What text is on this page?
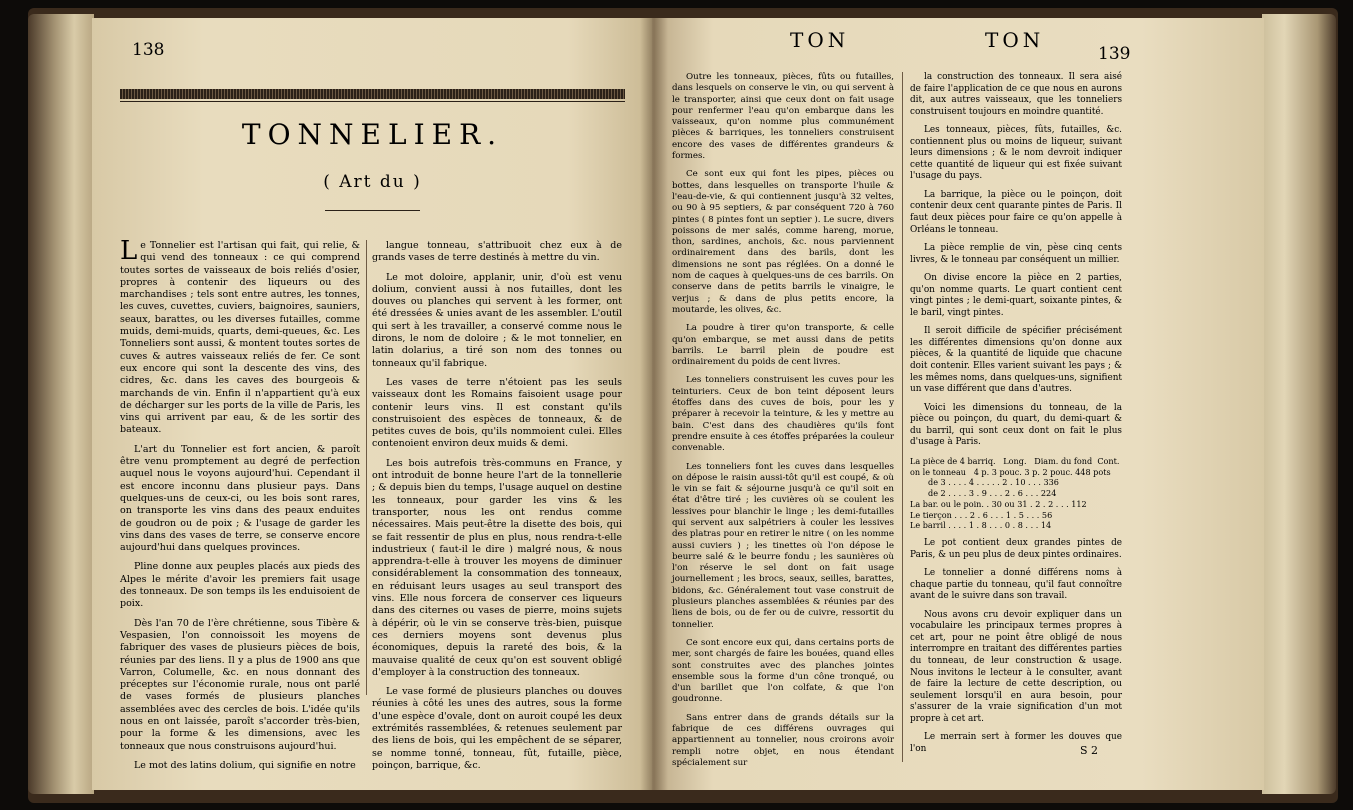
138
TONNELIER.
( Art du )

Le Tonnelier est l'artisan qui fait, qui relie, & qui vend des tonneaux : ce qui comprend toutes sortes de vaisseaux de bois reliés d'osier, propres à contenir des liqueurs ou des marchandises ; tels sont entre autres, les tonnes, les cuves, cuvettes, cuviers, baignoires, sauniers, seaux, barattes, ou les diverses futailles, comme muids, demi-muids, quarts, demi-queues, &c. Les Tonneliers sont aussi, & montent toutes sortes de cuves & autres vaisseaux reliés de fer. Ce sont eux encore qui sont la descente des vins, des cidres, &c. dans les caves des bourgeois & marchands de vin. Enfin il n'appartient qu'à eux de décharger sur les ports de la ville de Paris, les vins qui arrivent par eau, & de les sortir des bateaux.

L'art du Tonnelier est fort ancien, & paroît être venu promptement au degré de perfection auquel nous le voyons aujourd'hui. Cependant il est encore inconnu dans plusieur pays. Dans quelques-uns de ceux-ci, ou les bois sont rares, on transporte les vins dans des peaux enduites de goudron ou de poix ; & l'usage de garder les vins dans des vases de terre, se conserve encore aujourd'hui dans quelques provinces.

Pline donne aux peuples placés aux pieds des Alpes le mérite d'avoir les premiers fait usage des tonneaux. De son temps ils les enduisoient de poix.

Dès l'an 70 de l'ère chrétienne, sous Tibère & Vespasien, l'on connoissoit les moyens de fabriquer des vases de plusieurs pièces de bois, réunies par des liens. Il y a plus de 1900 ans que Varron, Columelle, &c. en nous donnant des préceptes sur l'économie rurale, nous ont parlé de vases formés de plusieurs planches assemblées avec des cercles de bois. L'idée qu'ils nous en ont laissée, paroît s'accorder très-bien, pour la forme & les dimensions, avec les tonneaux que nous construisons aujourd'hui.

Le mot des latins dolium, qui signifie en notre

langue tonneau, s'attribuoit chez eux à de grands vases de terre destinés à mettre du vin.

Le mot doloire, applanir, unir, d'où est venu dolium, convient aussi à nos futailles, dont les douves ou planches qui servent à les former, ont été dressées & unies avant de les assembler. L'outil qui sert à les travailler, a conservé comme nous le dirons, le nom de doloire ; & le mot tonnelier, en latin dolarius, a tiré son nom des tonnes ou tonneaux qu'il fabrique.

Les vases de terre n'étoient pas les seuls vaisseaux dont les Romains faisoient usage pour contenir leurs vins. Il est constant qu'ils construisoient des espèces de tonneaux, & de petites cuves de bois, qu'ils nommoient culei. Elles contenoient environ deux muids & demi.

Les bois autrefois très-communs en France, y ont introduit de bonne heure l'art de la tonnellerie ; & depuis bien du temps, l'usage auquel on destine les tonneaux, pour garder les vins & les transporter, nous les ont rendus comme nécessaires. Mais peut-être la disette des bois, qui se fait ressentir de plus en plus, nous rendra-t-elle industrieux ( faut-il le dire ) malgré nous, & nous apprendra-t-elle à trouver les moyens de diminuer considérablement la consommation des tonneaux, en réduisant leurs usages au seul transport des vins. Elle nous forcera de conserver ces liqueurs dans des citernes ou vases de pierre, moins sujets à dépérir, où le vin se conserve très-bien, puisque ces derniers moyens sont devenus plus économiques, depuis la rareté des bois, & la mauvaise qualité de ceux qu'on est souvent obligé d'employer à la construction des tonneaux.

Le vase formé de plusieurs planches ou douves réunies à côté les unes des autres, sous la forme d'une espèce d'ovale, dont on auroit coupé les deux extrémités rassemblées, & retenues seulement par des liens de bois, qui les empêchent de se séparer, se nomme tonné, tonneau, fût, futaille, pièce, poinçon, barrique, &c.

TON	TON
139

Outre les tonneaux, pièces, fûts ou futailles, dans lesquels on conserve le vin, ou qui servent à le transporter, ainsi que ceux dont on fait usage pour renfermer l'eau qu'on embarque dans les vaisseaux, qu'on nomme plus communément pièces & barriques, les tonneliers construisent encore des vases de différentes grandeurs & formes.

Ce sont eux qui font les pipes, pièces ou bottes, dans lesquelles on transporte l'huile & l'eau-de-vie, & qui contiennent jusqu'à 32 veltes, ou 90 à 95 septiers, & par conséquent 720 à 760 pintes ( 8 pintes font un septier ). Le sucre, divers poissons de mer salés, comme hareng, morue, thon, sardines, anchois, &c. nous parviennent ordinairement dans des barils, dont les dimensions ne sont pas réglées. On a donné le nom de caques à quelques-uns de ces barrils. On conserve dans de petits barrils le vinaigre, le verjus ; & dans de plus petits encore, la moutarde, les olives, &c.

La poudre à tirer qu'on transporte, & celle qu'on embarque, se met aussi dans de petits barrils. Le barril plein de poudre est ordinairement du poids de cent livres.

Les tonneliers construisent les cuves pour les teinturiers. Ceux de bon teint déposent leurs étoffes dans des cuves de bois, pour les y préparer à recevoir la teinture, & les y mettre au bain. C'est dans des chaudières qu'ils font prendre ensuite à ces étoffes préparées la couleur convenable.

Les tonneliers font les cuves dans lesquelles on dépose le raisin aussi-tôt qu'il est coupé, & où le vin se fait & séjourne jusqu'à ce qu'il soit en état d'être tiré ; les cuvières où se coulent les lessives pour blanchir le linge ; les demi-futailles qui servent aux salpétriers à couler les lessives des platras pour en retirer le nitre ( on les nomme aussi cuviers ) ; les tinettes où l'on dépose le beurre salé & le beurre fondu ; les saunières où l'on réserve le sel dont on fait usage journellement ; les brocs, seaux, seilles, barattes, bidons, &c. Généralement tout vase construit de plusieurs planches assemblées & réunies par des liens de bois, ou de fer ou de cuivre, ressortit du tonnelier.

Ce sont encore eux qui, dans certains ports de mer, sont chargés de faire les bouées, quand elles sont construites avec des planches jointes ensemble sous la forme d'un cône tronqué, ou d'un barillet que l'on colfate, & que l'on goudronne.

Sans entrer dans de grands détails sur la fabrique de ces différens ouvrages qui appartiennent au tonnelier, nous croirons avoir rempli notre objet, en nous étendant spécialement sur

la construction des tonneaux. Il sera aisé de faire l'application de ce que nous en aurons dit, aux autres vaisseaux, que les tonneliers construisent toujours en moindre quantité.

Les tonneaux, pièces, fûts, futailles, &c. contiennent plus ou moins de liqueur, suivant leurs dimensions ; & le nom devroit indiquer cette quantité de liqueur qui est fixée suivant l'usage du pays.

La barrique, la pièce ou le poinçon, doit contenir deux cent quarante pintes de Paris. Il faut deux pièces pour faire ce qu'on appelle à Orléans le tonneau.

La pièce remplie de vin, pèse cinq cents livres, & le tonneau par conséquent un millier.

On divise encore la pièce en 2 parties, qu'on nomme quarts. Le quart contient cent vingt pintes ; le demi-quart, soixante pintes, & le baril, vingt pintes.

Il seroit difficile de spécifier précisément les différentes dimensions qu'on donne aux pièces, & la quantité de liquide que chacune doit contenir. Elles varient suivant les pays ; & les mêmes noms, dans quelques-uns, signifient un vase différent que dans d'autres.

Voici les dimensions du tonneau, de la pièce ou poinçon, du quart, du demi-quart & du barril, qui sont ceux dont on fait le plus d'usage à Paris.

La pièce de 4 barriq.   Long.   Diam. du fond  Cont.
on le tonneau   4 p. 3 pouc. 3 p. 2 pouc. 448 pots
de 3 . . . . 4 . . . . . 2 . 10 . . . 336
de 2 . . . . 3 . 9 . . . 2 . 6 . . . 224
La bar. ou le poin. . 30 ou 31 . 2 . 2 . . . 112
Le tierçon . . . 2 . 6 . . . 1 . 5 . . . 56
Le barril . . . . 1 . 8 . . . 0 . 8 . . . 14

Le pot contient deux grandes pintes de Paris, & un peu plus de deux pintes ordinaires.

Le tonnelier a donné différens noms à chaque partie du tonneau, qu'il faut connoître avant de le suivre dans son travail.

Nous avons cru devoir expliquer dans un vocabulaire les principaux termes propres à cet art, pour ne point être obligé de nous interrompre en traitant des différentes parties du tonneau, de leur construction & usage. Nous invitons le lecteur à le consulter, avant de faire la lecture de cette description, ou seulement lorsqu'il en aura besoin, pour s'assurer de la vraie signification d'un mot propre à cet art.

Le merrain sert à former les douves que l'on	S 2
